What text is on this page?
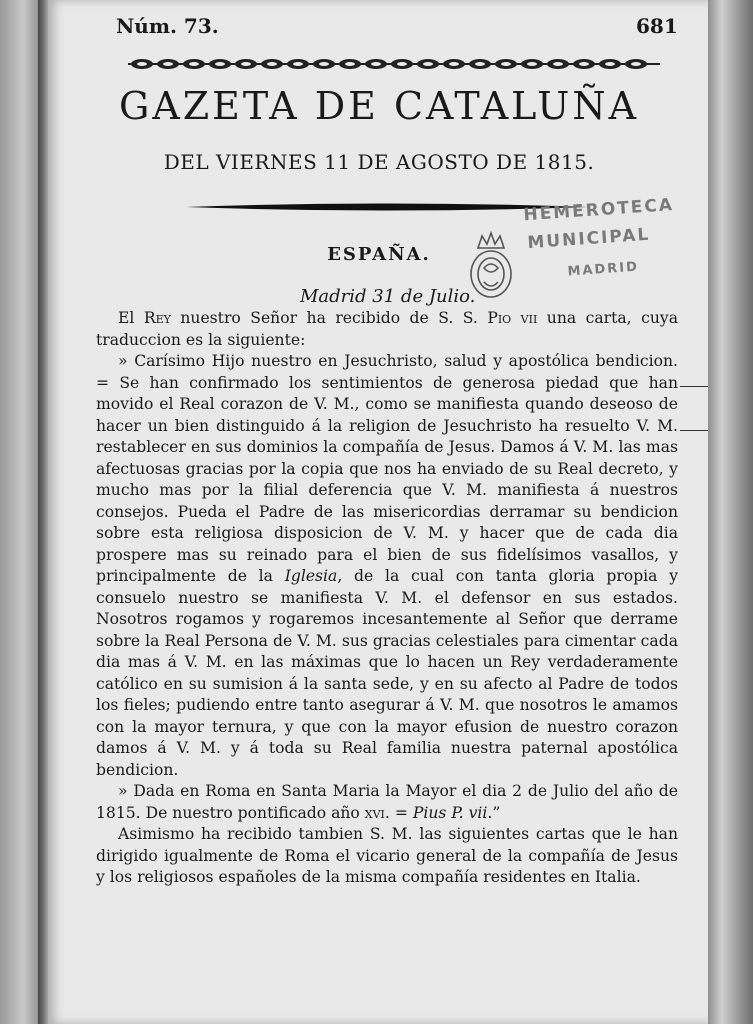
Núm. 73.	681
GAZETA DE CATALUÑA
DEL VIERNES 11 DE AGOSTO DE 1815.
HEMEROTECA
MUNICIPAL
MADRID
ESPAÑA.
Madrid 31 de Julio.

El Rey nuestro Señor ha recibido de S. S. Pio vii una carta, cuya traduccion es la siguiente:

» Carísimo Hijo nuestro en Jesuchristo, salud y apostólica bendicion. = Se han confirmado los sentimientos de generosa piedad que han movido el Real corazon de V. M., como se manifiesta quando deseoso de hacer un bien distinguido á la religion de Jesuchristo ha resuelto V. M. restablecer en sus dominios la compañía de Jesus. Damos á V. M. las mas afectuosas gracias por la copia que nos ha enviado de su Real decreto, y mucho mas por la filial deferencia que V. M. manifiesta á nuestros consejos. Pueda el Padre de las misericordias derramar su bendicion sobre esta religiosa disposicion de V. M. y hacer que de cada dia prospere mas su reinado para el bien de sus fidelísimos vasallos, y principalmente de la Iglesia, de la cual con tanta gloria propia y consuelo nuestro se manifiesta V. M. el defensor en sus estados. Nosotros rogamos y rogaremos incesantemente al Señor que derrame sobre la Real Persona de V. M. sus gracias celestiales para cimentar cada dia mas á V. M. en las máximas que lo hacen un Rey verdaderamente católico en su sumision á la santa sede, y en su afecto al Padre de todos los fieles; pudiendo entre tanto asegurar á V. M. que nosotros le amamos con la mayor ternura, y que con la mayor efusion de nuestro corazon damos á V. M. y á toda su Real familia nuestra paternal apostólica bendicion.

» Dada en Roma en Santa Maria la Mayor el dia 2 de Julio del año de 1815. De nuestro pontificado año xvi. = Pius P. vii.”

Asimismo ha recibido tambien S. M. las siguientes cartas que le han dirigido igualmente de Roma el vicario general de la compañía de Jesus y los religiosos españoles de la misma compañía residentes en Italia.
